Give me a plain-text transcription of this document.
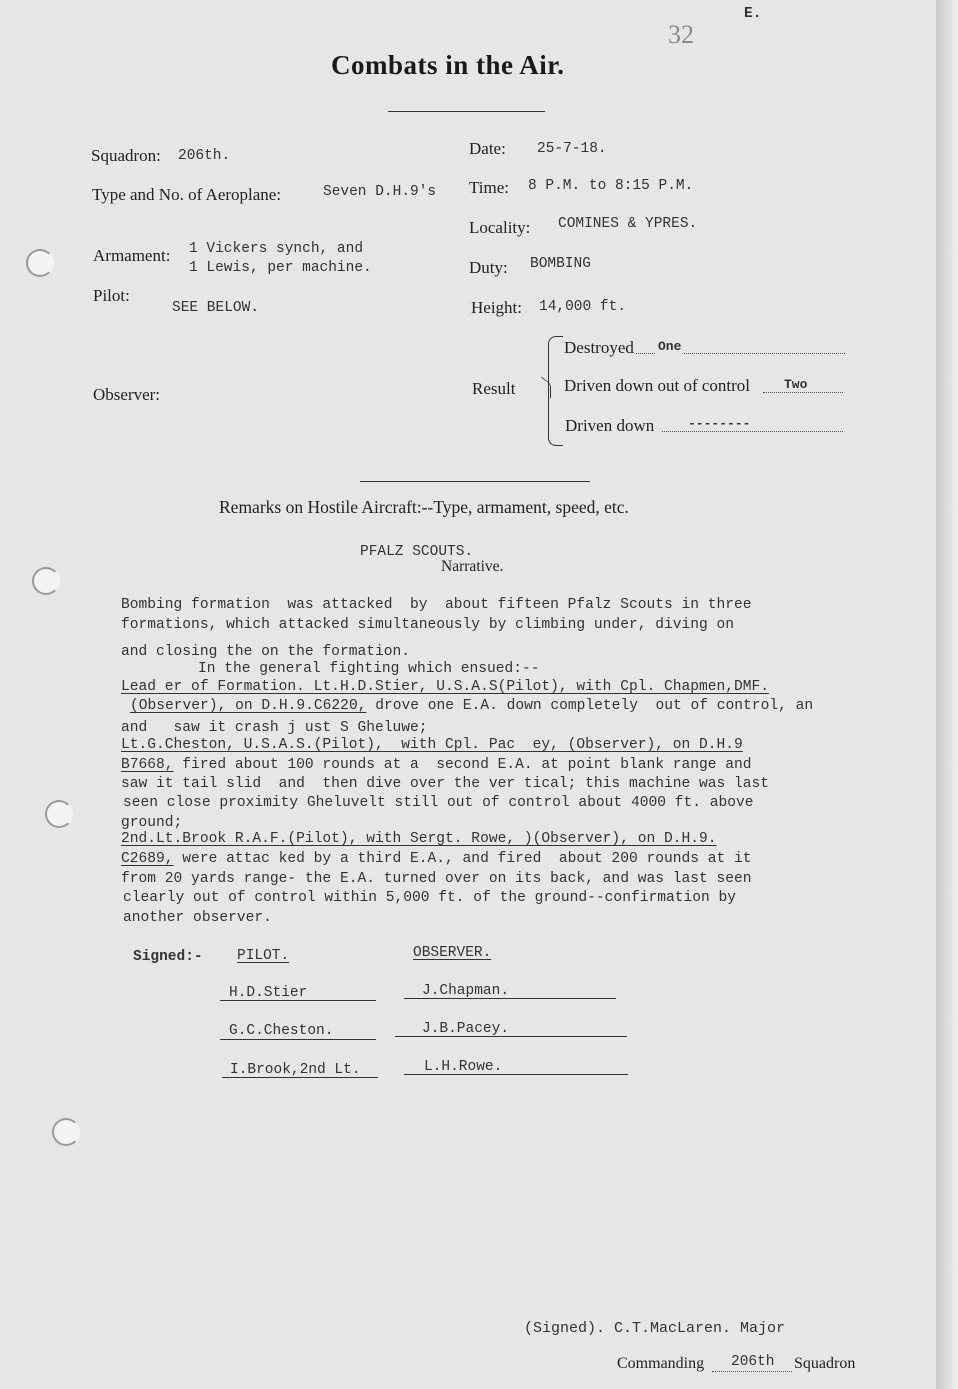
32
E.
Combats in the Air.
Squadron: 206th.
Type and No. of Aeroplane:	Seven D.H.9's
Armament: 1 Vickers synch, and
1 Lewis, per machine.
Pilot:
SEE BELOW.
Observer:
Date: 25-7-18.
Time: 8 P.M. to 8:15 P.M.
Locality: COMINES & YPRES.
Duty: BOMBING
Height: 14,000 ft.
Result
Destroyed One
Driven down out of control	Two
Driven down	--------
Remarks on Hostile Aircraft:--Type, armament, speed, etc.
PFALZ SCOUTS.
Narrative.
Bombing formation  was attacked  by  about fifteen Pfalz Scouts in three
formations, which attacked simultaneously by climbing under, diving on
and closing the on the formation.
In the general fighting which ensued:--
Lead er of Formation. Lt.H.D.Stier, U.S.A.S(Pilot), with Cpl. Chapmen,DMF.
(Observer), on D.H.9.C6220, drove one E.A. down completely  out of control, an
and   saw it crash j ust S Gheluwe;
Lt.G.Cheston, U.S.A.S.(Pilot),  with Cpl. Pac  ey, (Observer), on D.H.9
B7668, fired about 100 rounds at a  second E.A. at point blank range and
saw it tail slid  and  then dive over the ver tical; this machine was last
seen close proximity Gheluvelt still out of control about 4000 ft. above
ground;
2nd.Lt.Brook R.A.F.(Pilot), with Sergt. Rowe, )(Observer), on D.H.9.
C2689, were attac ked by a third E.A., and fired  about 200 rounds at it
from 20 yards range- the E.A. turned over on its back, and was last seen
clearly out of control within 5,000 ft. of the ground--confirmation by
another observer.
Signed:- PILOT.	OBSERVER.
H.D.Stier	J.Chapman.
G.C.Cheston.	J.B.Pacey.
I.Brook,2nd Lt.	L.H.Rowe.
(Signed). C.T.MacLaren. Major
Commanding 206th Squadron
